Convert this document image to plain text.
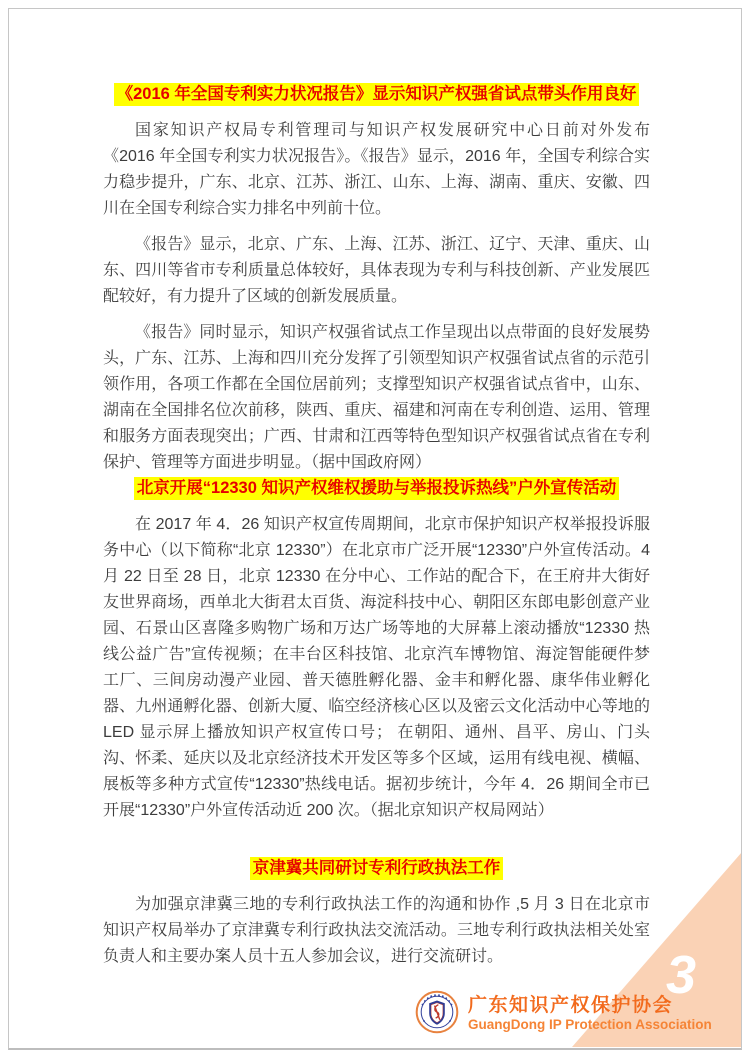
《2016 年全国专利实力状况报告》显示知识产权强省试点带头作用良好

国家知识产权局专利管理司与知识产权发展研究中心日前对外发布《2016 年全国专利实力状况报告》。《报告》显示，2016 年，全国专利综合实力稳步提升，广东、北京、江苏、浙江、山东、上海、湖南、重庆、安徽、四川在全国专利综合实力排名中列前十位。

《报告》显示，北京、广东、上海、江苏、浙江、辽宁、天津、重庆、山东、四川等省市专利质量总体较好，具体表现为专利与科技创新、产业发展匹配较好，有力提升了区域的创新发展质量。

《报告》同时显示，知识产权强省试点工作呈现出以点带面的良好发展势头，广东、江苏、上海和四川充分发挥了引领型知识产权强省试点省的示范引领作用，各项工作都在全国位居前列；支撑型知识产权强省试点省中，山东、湖南在全国排名位次前移，陕西、重庆、福建和河南在专利创造、运用、管理和服务方面表现突出；广西、甘肃和江西等特色型知识产权强省试点省在专利保护、管理等方面进步明显。（据中国政府网）

北京开展“12330 知识产权维权援助与举报投诉热线”户外宣传活动

在 2017 年 4．26 知识产权宣传周期间，北京市保护知识产权举报投诉服务中心（以下简称“北京 12330”）在北京市广泛开展“12330”户外宣传活动。4 月 22 日至 28 日，北京 12330 在分中心、工作站的配合下，在王府井大街好友世界商场，西单北大街君太百货、海淀科技中心、朝阳区东郎电影创意产业园、石景山区喜隆多购物广场和万达广场等地的大屏幕上滚动播放“12330 热线公益广告”宣传视频；在丰台区科技馆、北京汽车博物馆、海淀智能硬件梦工厂、三间房动漫产业园、普天德胜孵化器、金丰和孵化器、康华伟业孵化器、九州通孵化器、创新大厦、临空经济核心区以及密云文化活动中心等地的 LED 显示屏上播放知识产权宣传口号； 在朝阳、通州、昌平、房山、门头沟、怀柔、延庆以及北京经济技术开发区等多个区域，运用有线电视、横幅、展板等多种方式宣传“12330”热线电话。据初步统计，今年 4．26 期间全市已开展“12330”户外宣传活动近 200 次。（据北京知识产权局网站）

京津冀共同研讨专利行政执法工作

为加强京津冀三地的专利行政执法工作的沟通和协作 ,5 月 3 日在北京市知识产权局举办了京津冀专利行政执法交流活动。三地专利行政执法相关处室负责人和主要办案人员十五人参加会议，进行交流研讨。

广东知识产权保护协会
GuangDong IP Protection Association
3
